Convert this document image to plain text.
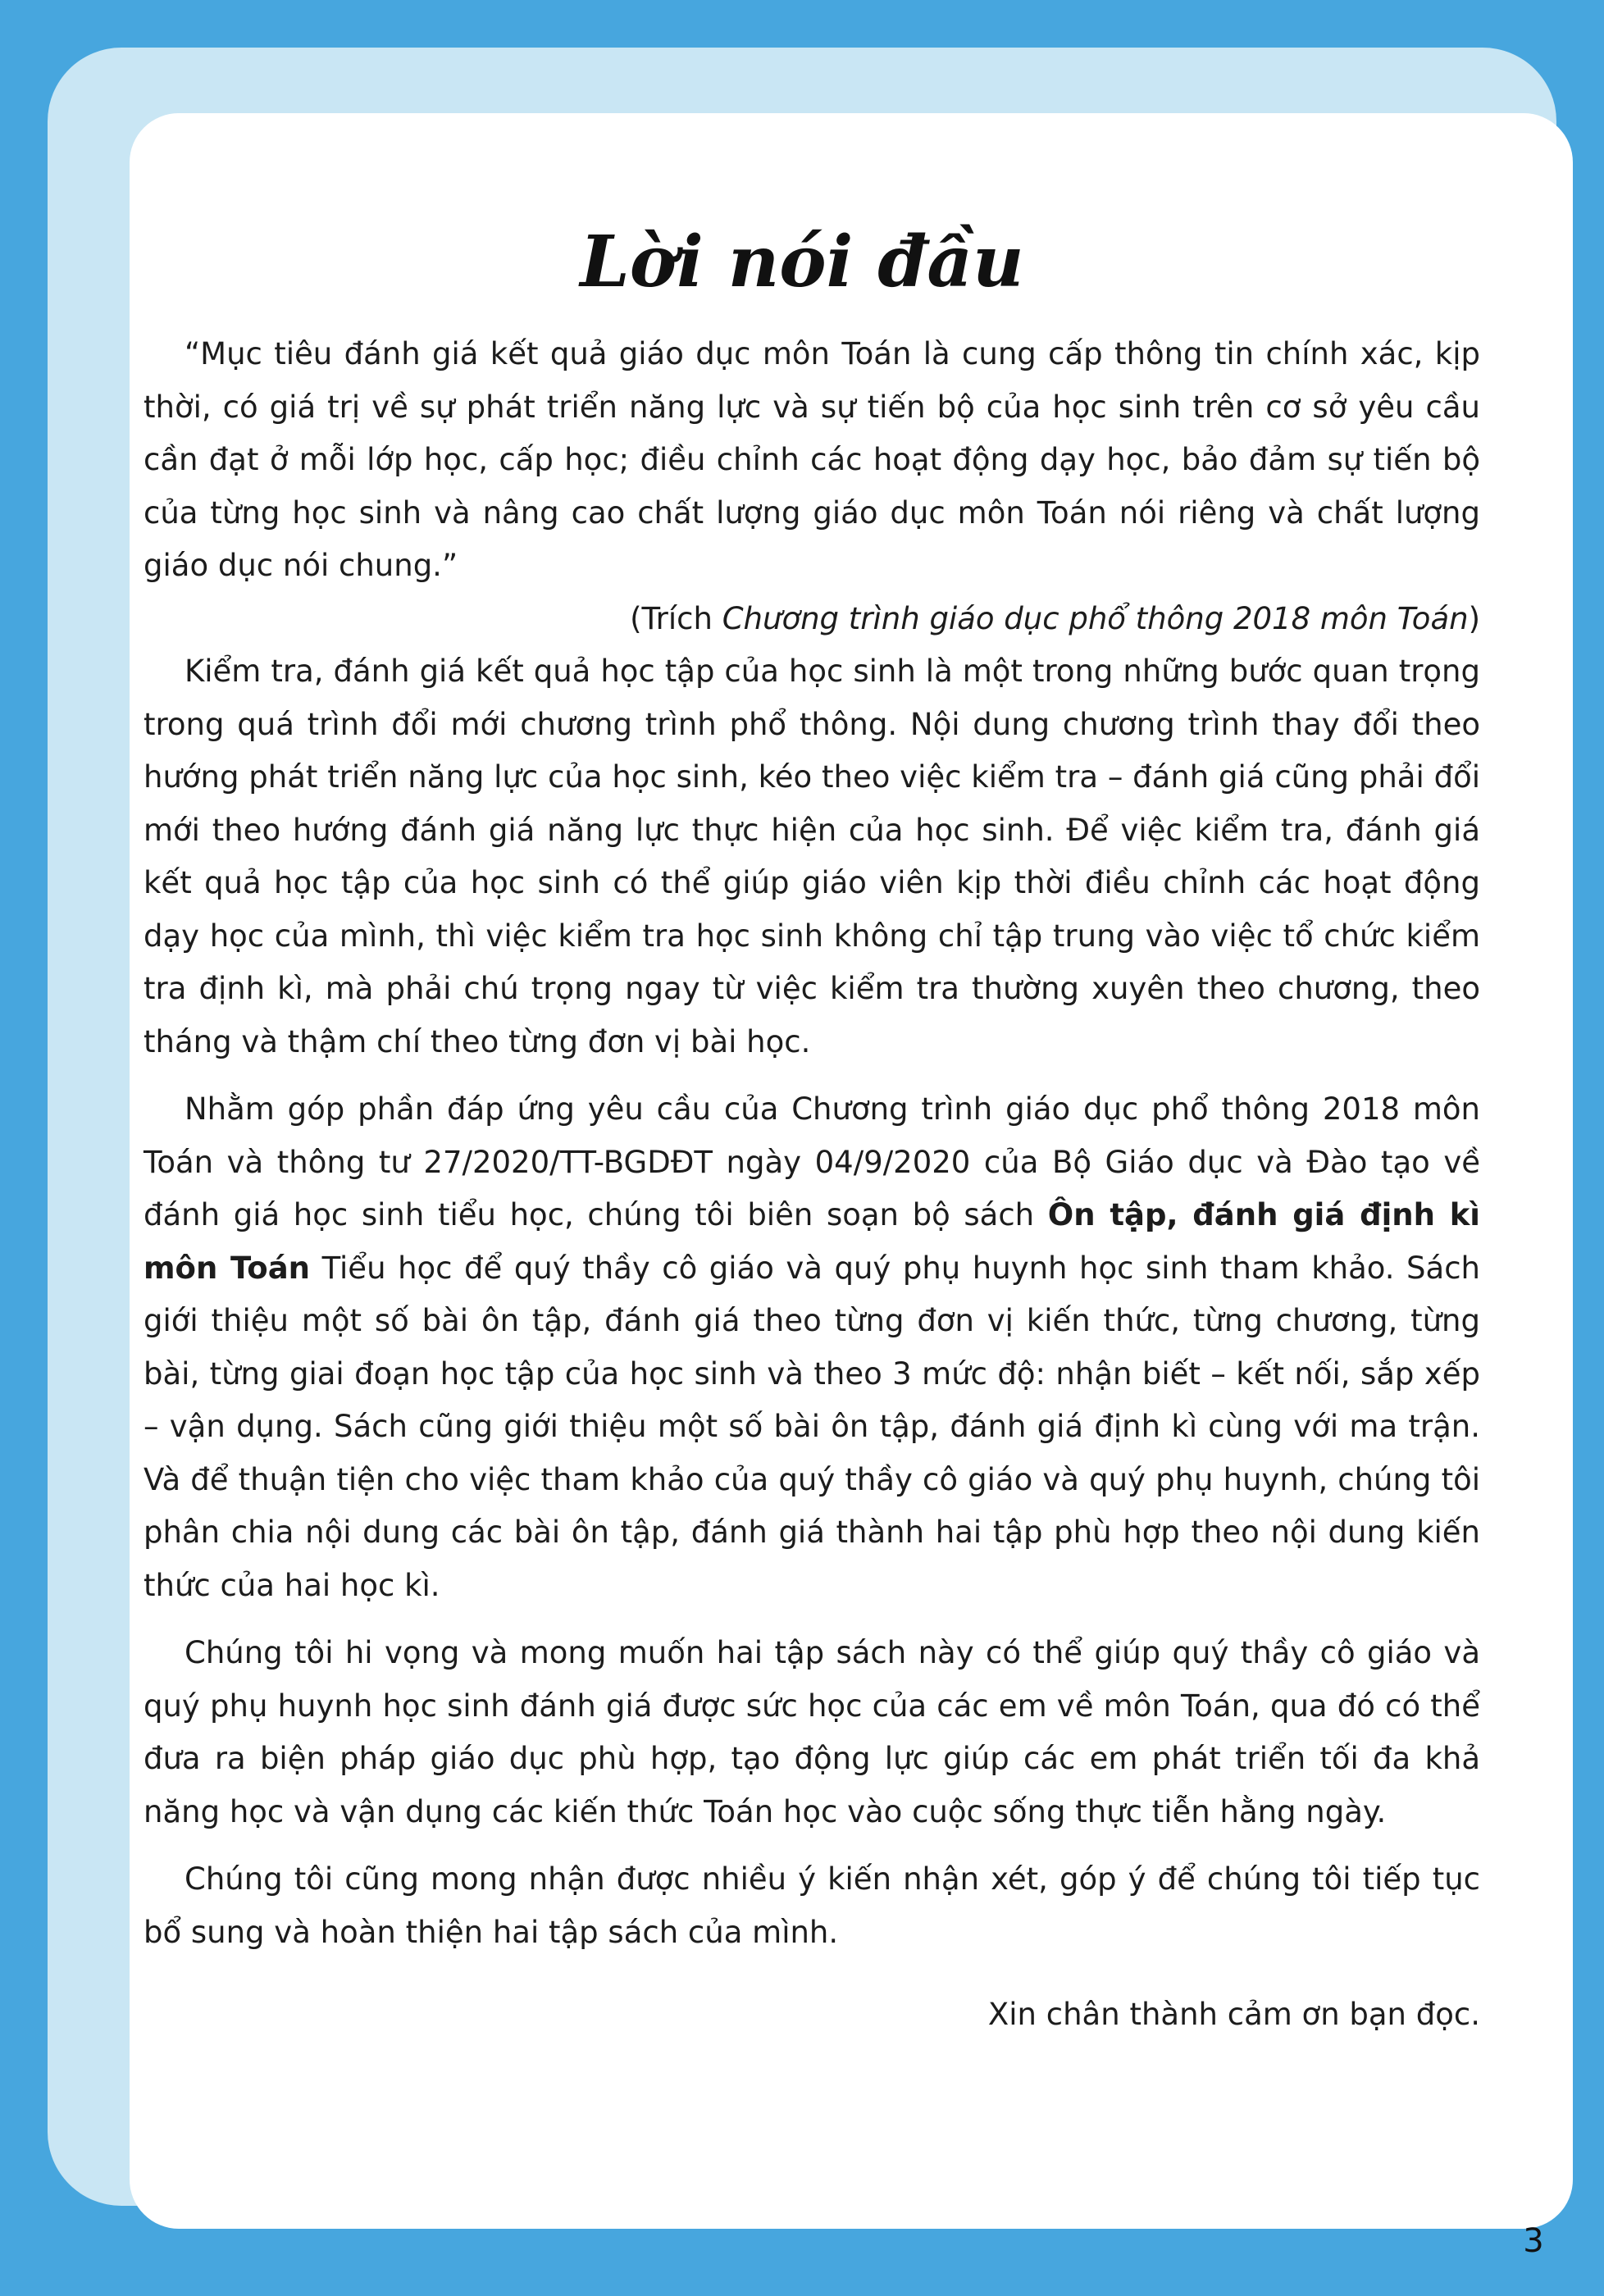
Lời nói đầu

“Mục tiêu đánh giá kết quả giáo dục môn Toán là cung cấp thông tin chính xác, kịp thời, có giá trị về sự phát triển năng lực và sự tiến bộ của học sinh trên cơ sở yêu cầu cần đạt ở mỗi lớp học, cấp học; điều chỉnh các hoạt động dạy học, bảo đảm sự tiến bộ của từng học sinh và nâng cao chất lượng giáo dục môn Toán nói riêng và chất lượng giáo dục nói chung.”

(Trích Chương trình giáo dục phổ thông 2018 môn Toán)

Kiểm tra, đánh giá kết quả học tập của học sinh là một trong những bước quan trọng trong quá trình đổi mới chương trình phổ thông. Nội dung chương trình thay đổi theo hướng phát triển năng lực của học sinh, kéo theo việc kiểm tra – đánh giá cũng phải đổi mới theo hướng đánh giá năng lực thực hiện của học sinh. Để việc kiểm tra, đánh giá kết quả học tập của học sinh có thể giúp giáo viên kịp thời điều chỉnh các hoạt động dạy học của mình, thì việc kiểm tra học sinh không chỉ tập trung vào việc tổ chức kiểm tra định kì, mà phải chú trọng ngay từ việc kiểm tra thường xuyên theo chương, theo tháng và thậm chí theo từng đơn vị bài học.

Nhằm góp phần đáp ứng yêu cầu của Chương trình giáo dục phổ thông 2018 môn Toán và thông tư 27/2020/TT-BGDĐT ngày 04/9/2020 của Bộ Giáo dục và Đào tạo về đánh giá học sinh tiểu học, chúng tôi biên soạn bộ sách Ôn tập, đánh giá định kì môn Toán Tiểu học để quý thầy cô giáo và quý phụ huynh học sinh tham khảo. Sách giới thiệu một số bài ôn tập, đánh giá theo từng đơn vị kiến thức, từng chương, từng bài, từng giai đoạn học tập của học sinh và theo 3 mức độ: nhận biết – kết nối, sắp xếp – vận dụng. Sách cũng giới thiệu một số bài ôn tập, đánh giá định kì cùng với ma trận. Và để thuận tiện cho việc tham khảo của quý thầy cô giáo và quý phụ huynh, chúng tôi phân chia nội dung các bài ôn tập, đánh giá thành hai tập phù hợp theo nội dung kiến thức của hai học kì.

Chúng tôi hi vọng và mong muốn hai tập sách này có thể giúp quý thầy cô giáo và quý phụ huynh học sinh đánh giá được sức học của các em về môn Toán, qua đó có thể đưa ra biện pháp giáo dục phù hợp, tạo động lực giúp các em phát triển tối đa khả năng học và vận dụng các kiến thức Toán học vào cuộc sống thực tiễn hằng ngày.

Chúng tôi cũng mong nhận được nhiều ý kiến nhận xét, góp ý để chúng tôi tiếp tục bổ sung và hoàn thiện hai tập sách của mình.

Xin chân thành cảm ơn bạn đọc.

3
